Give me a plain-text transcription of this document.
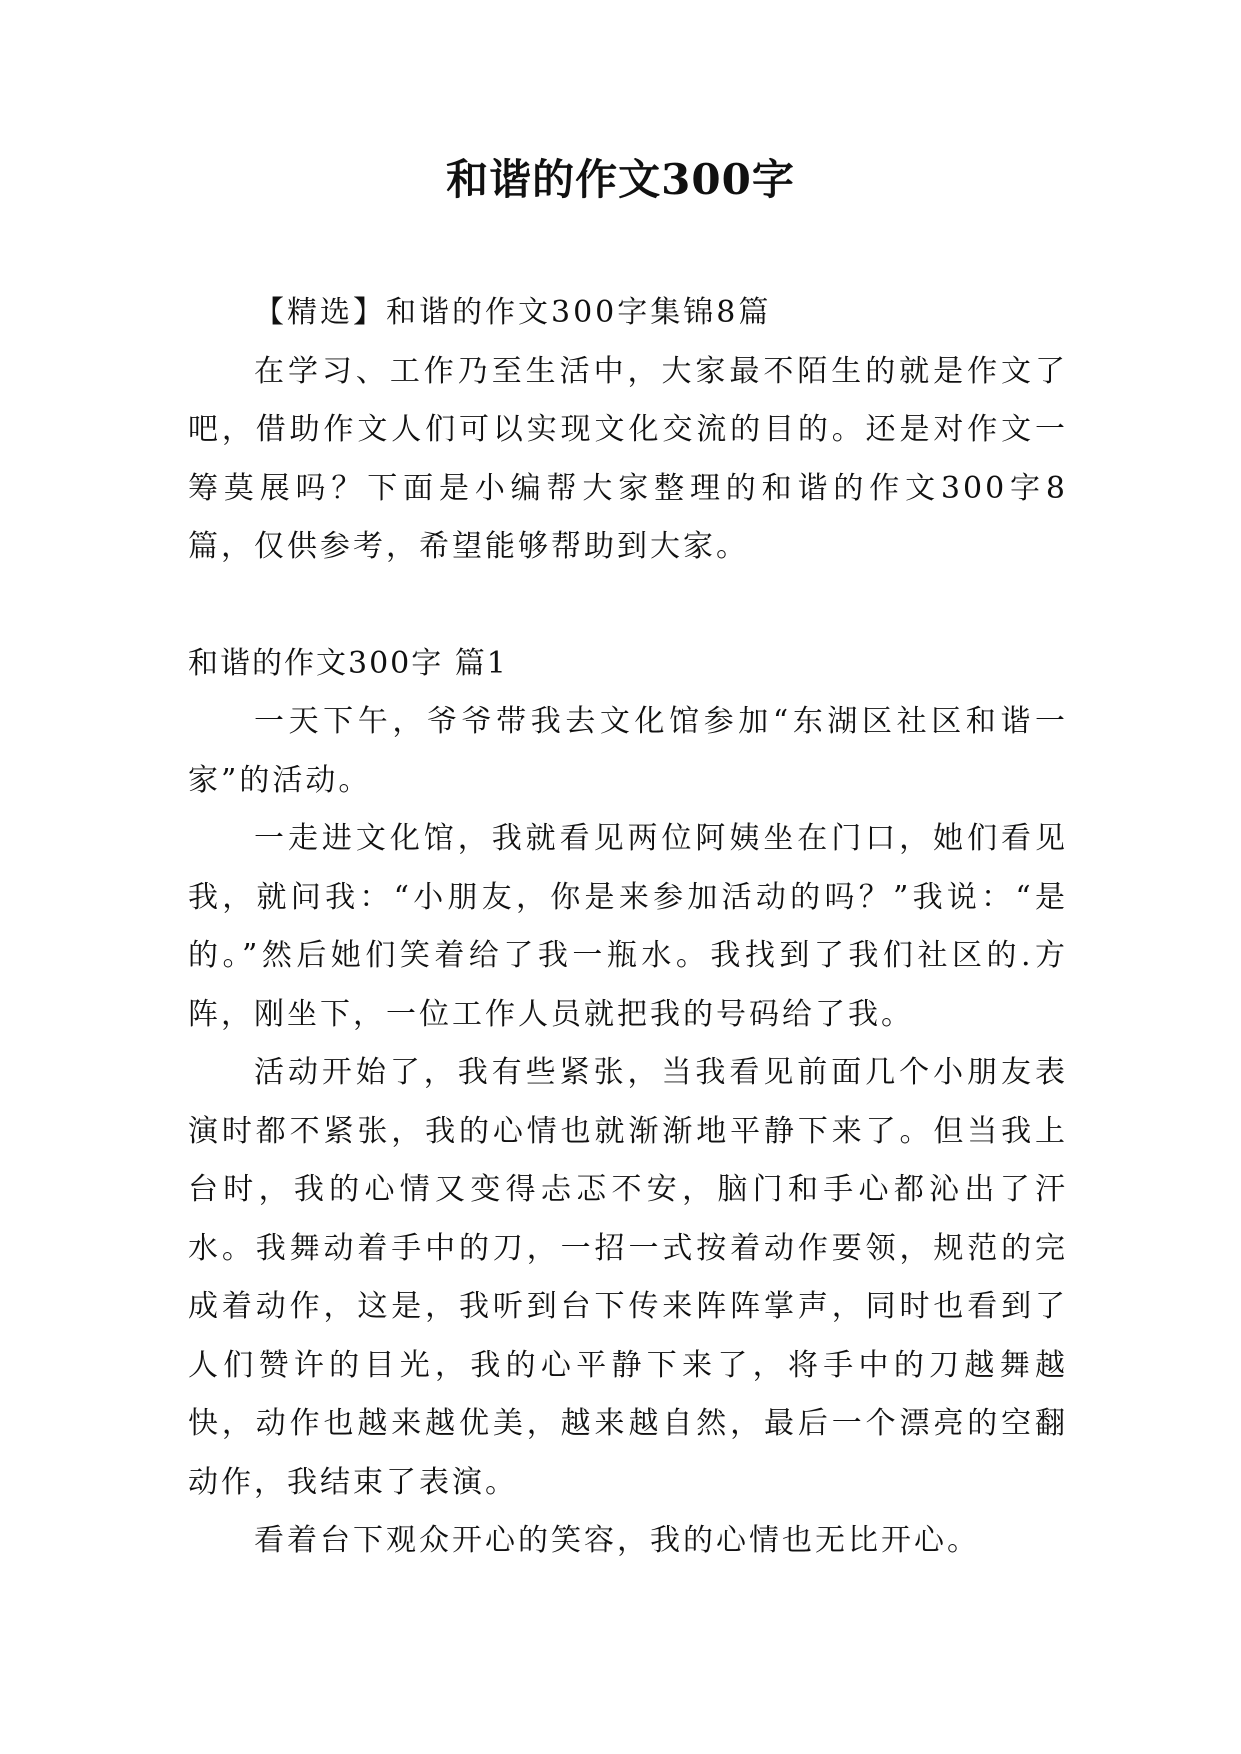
和谐的作文300字

【精选】和谐的作文300字集锦8篇

在学习、工作乃至生活中，大家最不陌生的就是作文了吧，借助作文人们可以实现文化交流的目的。还是对作文一筹莫展吗？下面是小编帮大家整理的和谐的作文300字8篇，仅供参考，希望能够帮助到大家。

和谐的作文300字 篇1

一天下午，爷爷带我去文化馆参加“东湖区社区和谐一家”的活动。

一走进文化馆，我就看见两位阿姨坐在门口，她们看见我，就问我：“小朋友，你是来参加活动的吗？”我说：“是的。”然后她们笑着给了我一瓶水。我找到了我们社区的.方阵，刚坐下，一位工作人员就把我的号码给了我。

活动开始了，我有些紧张，当我看见前面几个小朋友表演时都不紧张，我的心情也就渐渐地平静下来了。但当我上台时，我的心情又变得忐忑不安，脑门和手心都沁出了汗水。我舞动着手中的刀，一招一式按着动作要领，规范的完成着动作，这是，我听到台下传来阵阵掌声，同时也看到了人们赞许的目光，我的心平静下来了，将手中的刀越舞越快，动作也越来越优美，越来越自然，最后一个漂亮的空翻动作，我结束了表演。

看着台下观众开心的笑容，我的心情也无比开心。
